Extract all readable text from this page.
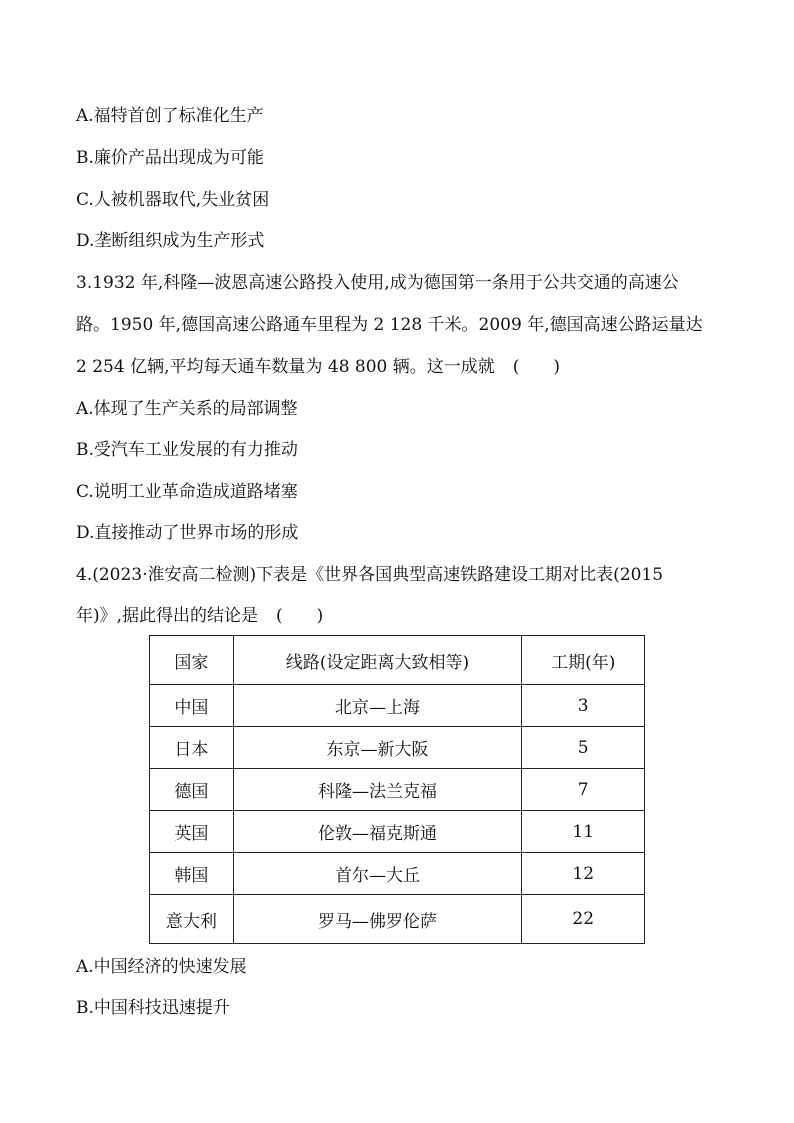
A.福特首创了标准化生产
B.廉价产品出现成为可能
C.人被机器取代,失业贫困
D.垄断组织成为生产形式
3.1932 年,科隆—波恩高速公路投入使用,成为德国第一条用于公共交通的高速公
路。1950 年,德国高速公路通车里程为 2 128 千米。2009 年,德国高速公路运量达
2 254 亿辆,平均每天通车数量为 48 800 辆。这一成就 (　　)
A.体现了生产关系的局部调整
B.受汽车工业发展的有力推动
C.说明工业革命造成道路堵塞
D.直接推动了世界市场的形成
4.(2023·淮安高二检测)下表是《世界各国典型高速铁路建设工期对比表(2015
年)》,据此得出的结论是 (　　)
国家	线路(设定距离大致相等)	工期(年)
中国	北京—上海	3
日本	东京—新大阪	5
德国	科隆—法兰克福	7
英国	伦敦—福克斯通	11
韩国	首尔—大丘	12
意大利	罗马—佛罗伦萨	22
A.中国经济的快速发展
B.中国科技迅速提升
